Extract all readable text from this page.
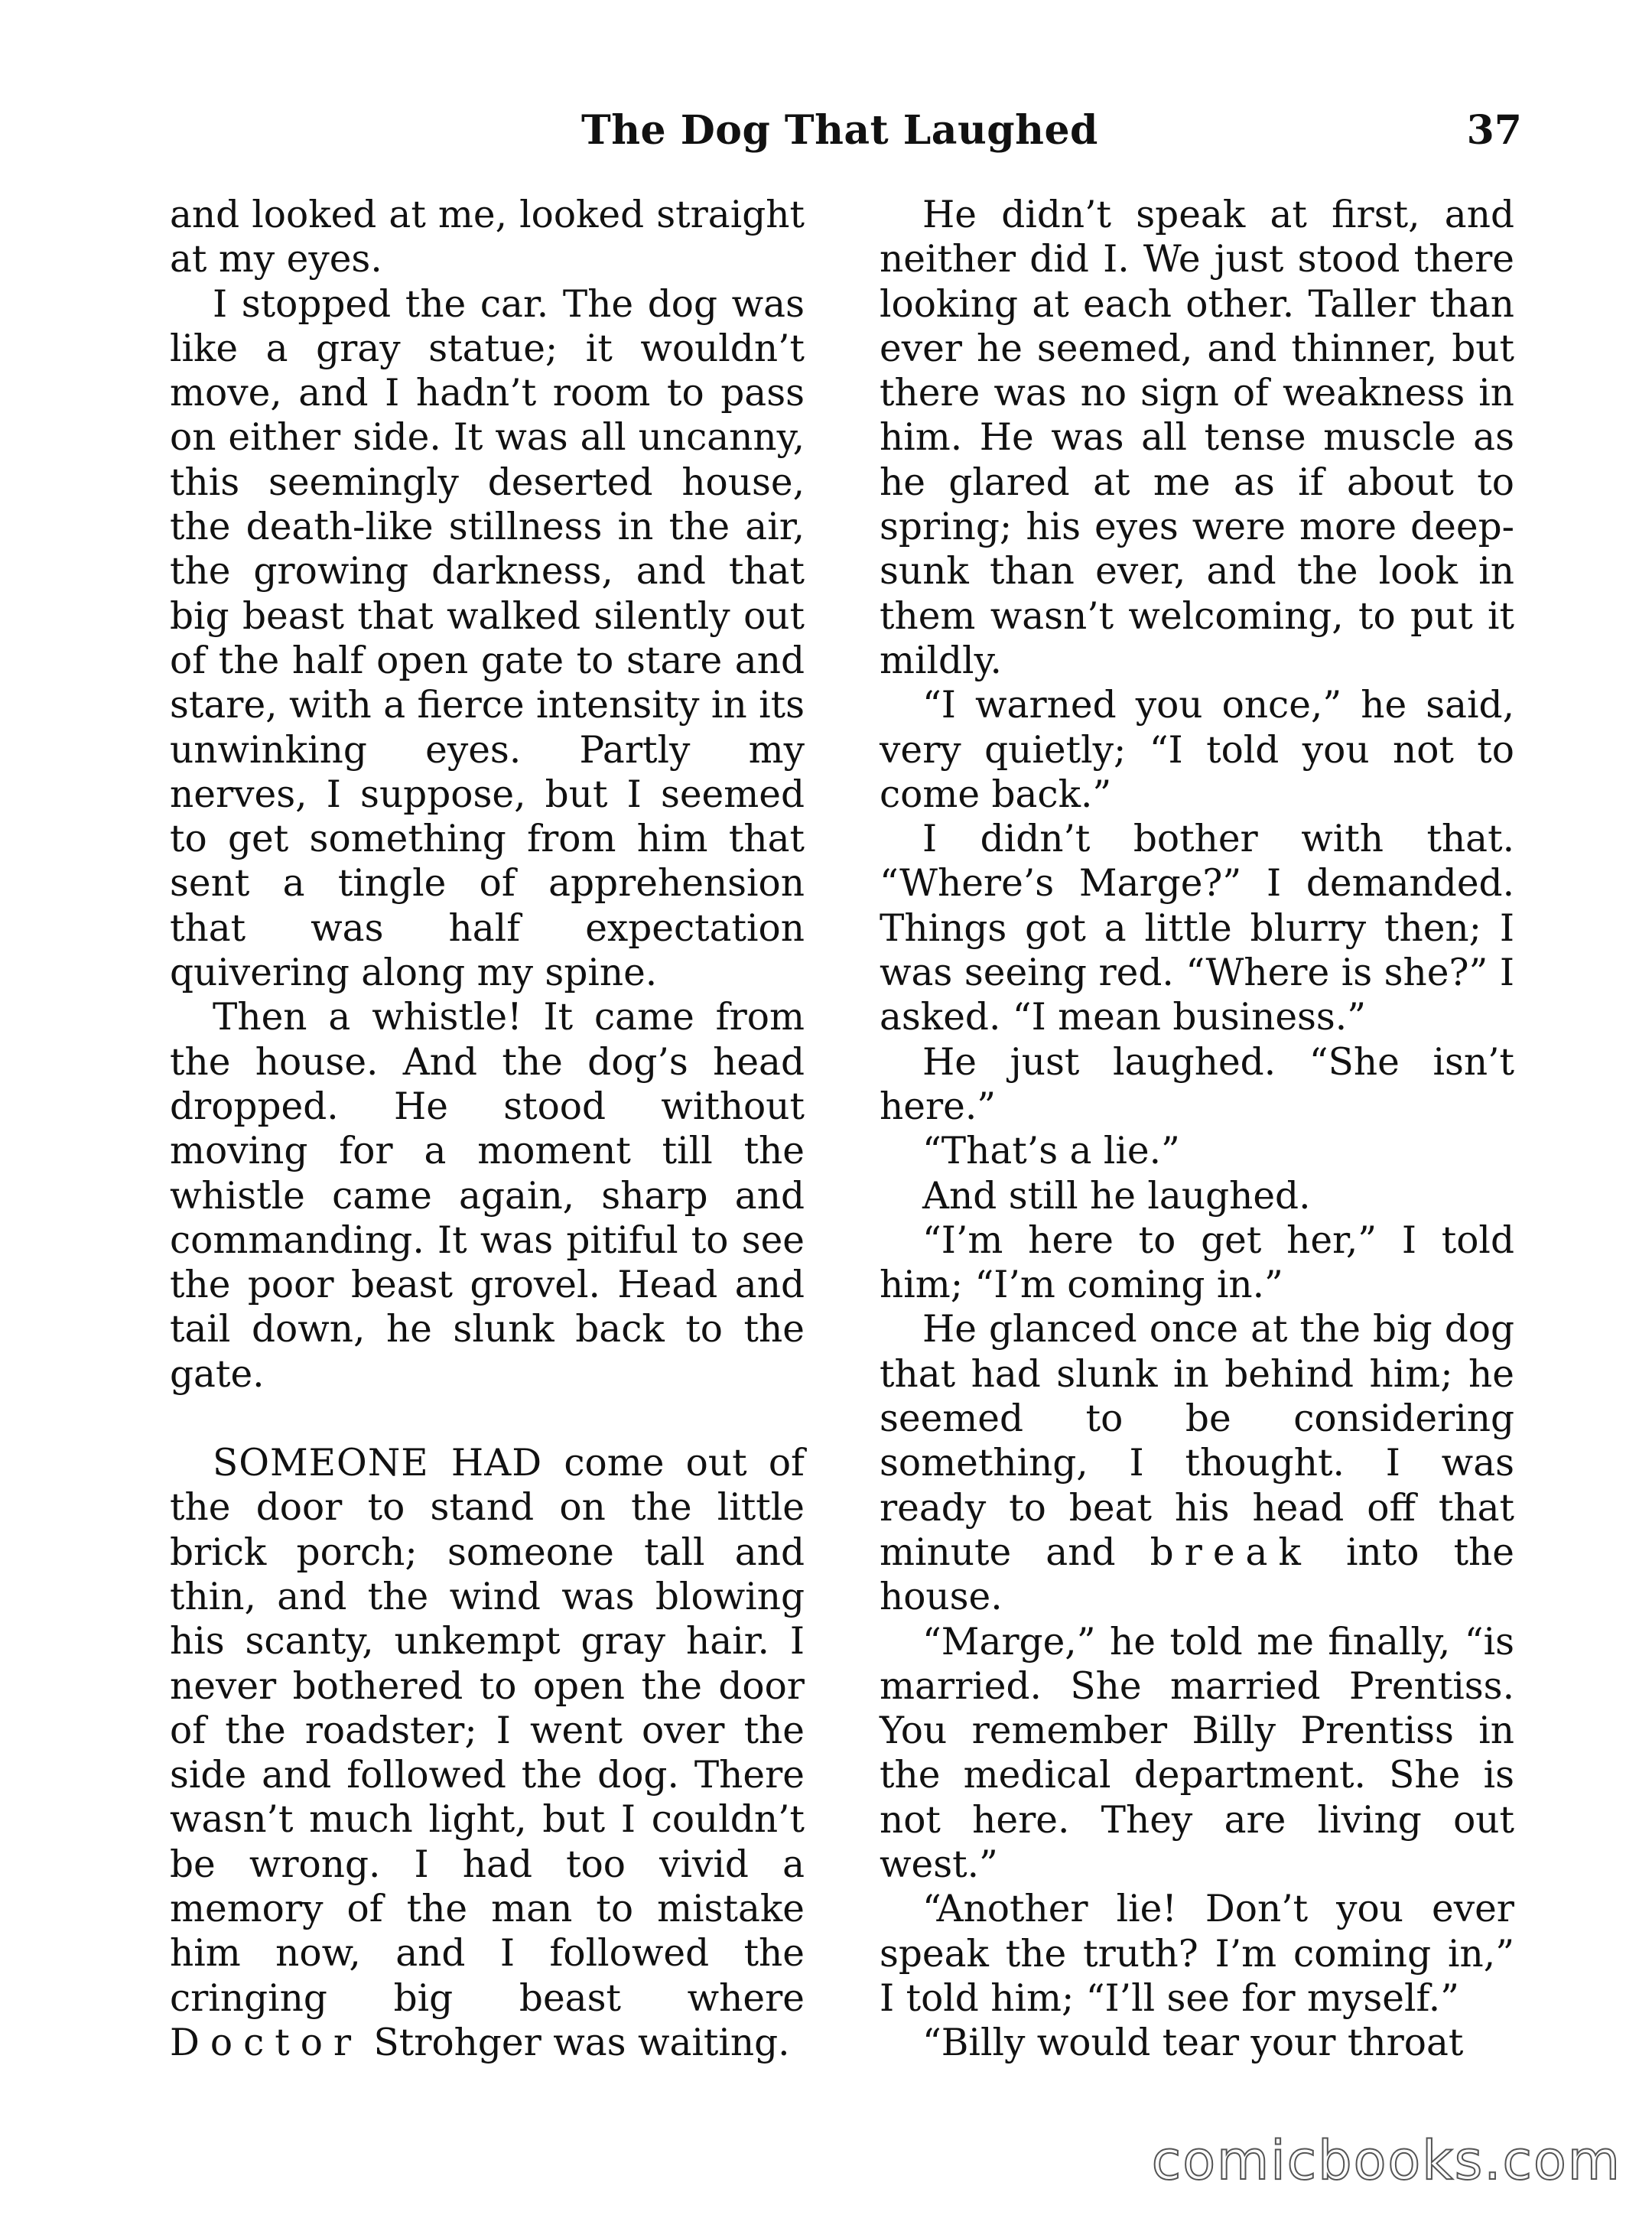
The Dog That Laughed	37

and looked at me, looked straight at my eyes.

I stopped the car. The dog was like a gray statue; it wouldn’t move, and I hadn’t room to pass on either side. It was all uncanny, this seemingly deserted house, the death-like stillness in the air, the growing darkness, and that big beast that walked silently out of the half open gate to stare and stare, with a fierce intensity in its unwinking eyes. Partly my nerves, I suppose, but I seemed to get something from him that sent a tingle of apprehension that was half expectation quivering along my spine.

Then a whistle! It came from the house. And the dog’s head dropped. He stood without moving for a moment till the whistle came again, sharp and commanding. It was pitiful to see the poor beast grovel. Head and tail down, he slunk back to the gate.

SOMEONE HAD come out of the door to stand on the little brick porch; someone tall and thin, and the wind was blowing his scanty, unkempt gray hair. I never bothered to open the door of the roadster; I went over the side and followed the dog. There wasn’t much light, but I couldn’t be wrong. I had too vivid a memory of the man to mistake him now, and I followed the cringing big beast where Doctor Strohger was waiting.

He didn’t speak at first, and neither did I. We just stood there looking at each other. Taller than ever he seemed, and thinner, but there was no sign of weakness in him. He was all tense muscle as he glared at me as if about to spring; his eyes were more deep-sunk than ever, and the look in them wasn’t welcoming, to put it mildly.

“I warned you once,” he said, very quietly; “I told you not to come back.”

I didn’t bother with that. “Where’s Marge?” I demanded. Things got a little blurry then; I was seeing red. “Where is she?” I asked. “I mean business.”

He just laughed. “She isn’t here.”

“That’s a lie.”

And still he laughed.

“I’m here to get her,” I told him; “I’m coming in.”

He glanced once at the big dog that had slunk in behind him; he seemed to be considering something, I thought. I was ready to beat his head off that minute and break into the house.

“Marge,” he told me finally, “is married. She married Prentiss. You remember Billy Prentiss in the medical department. She is not here. They are living out west.”

“Another lie! Don’t you ever speak the truth? I’m coming in,” I told him; “I’ll see for myself.”

“Billy would tear your throat

comicbooks.com
